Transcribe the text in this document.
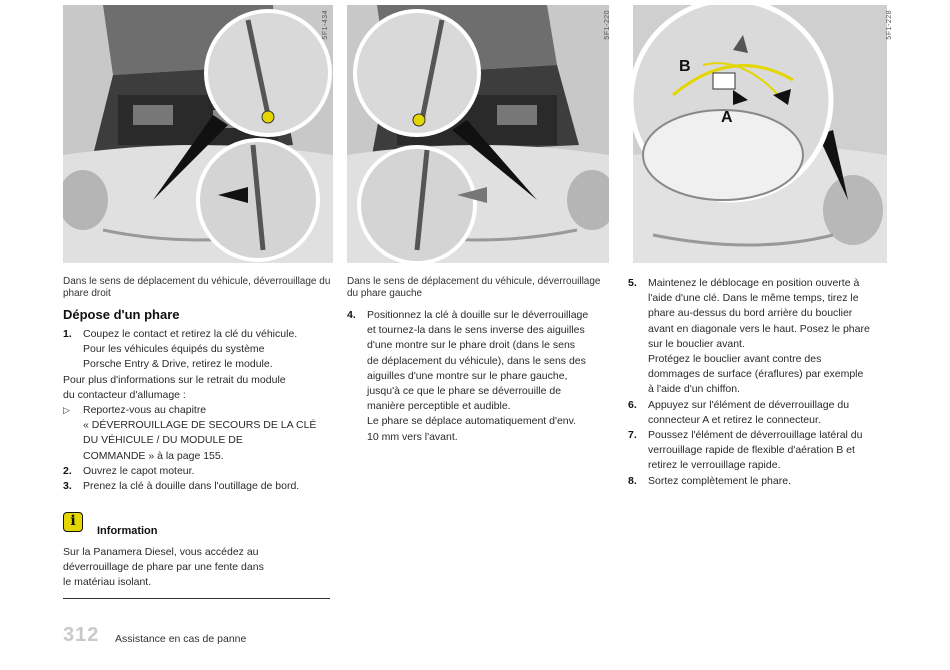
5F1-434	5F1-220
B
A
5F1-228
Dans le sens de déplacement du véhicule, déverrouillage du phare droit
Dans le sens de déplacement du véhicule, déverrouillage du phare gauche
Dépose d'un phare
1. Coupez le contact et retirez la clé du véhicule.
Pour les véhicules équipés du système
Porsche Entry & Drive, retirez le module.
Pour plus d'informations sur le retrait du module
du contacteur d'allumage :
▷ Reportez-vous au chapitre
« DÉVERROUILLAGE DE SECOURS DE LA CLÉ
DU VÉHICULE / DU MODULE DE
COMMANDE » à la page 155.
2. Ouvrez le capot moteur.
3. Prenez la clé à douille dans l'outillage de bord.
i
Information
Sur la Panamera Diesel, vous accédez au
déverrouillage de phare par une fente dans
le matériau isolant.
4. Positionnez la clé à douille sur le déverrouillage
et tournez-la dans le sens inverse des aiguilles
d'une montre sur le phare droit (dans le sens
de déplacement du véhicule), dans le sens des
aiguilles d'une montre sur le phare gauche,
jusqu'à ce que le phare se déverrouille de
manière perceptible et audible.
Le phare se déplace automatiquement d'env.
10 mm vers l'avant.
5. Maintenez le déblocage en position ouverte à
l'aide d'une clé. Dans le même temps, tirez le
phare au-dessus du bord arrière du bouclier
avant en diagonale vers le haut. Posez le phare
sur le bouclier avant.
Protégez le bouclier avant contre des
dommages de surface (éraflures) par exemple
à l'aide d'un chiffon.
6. Appuyez sur l'élément de déverrouillage du
connecteur A et retirez le connecteur.
7. Poussez l'élément de déverrouillage latéral du
verrouillage rapide de flexible d'aération B et
retirez le verrouillage rapide.
8. Sortez complètement le phare.
312 Assistance en cas de panne
